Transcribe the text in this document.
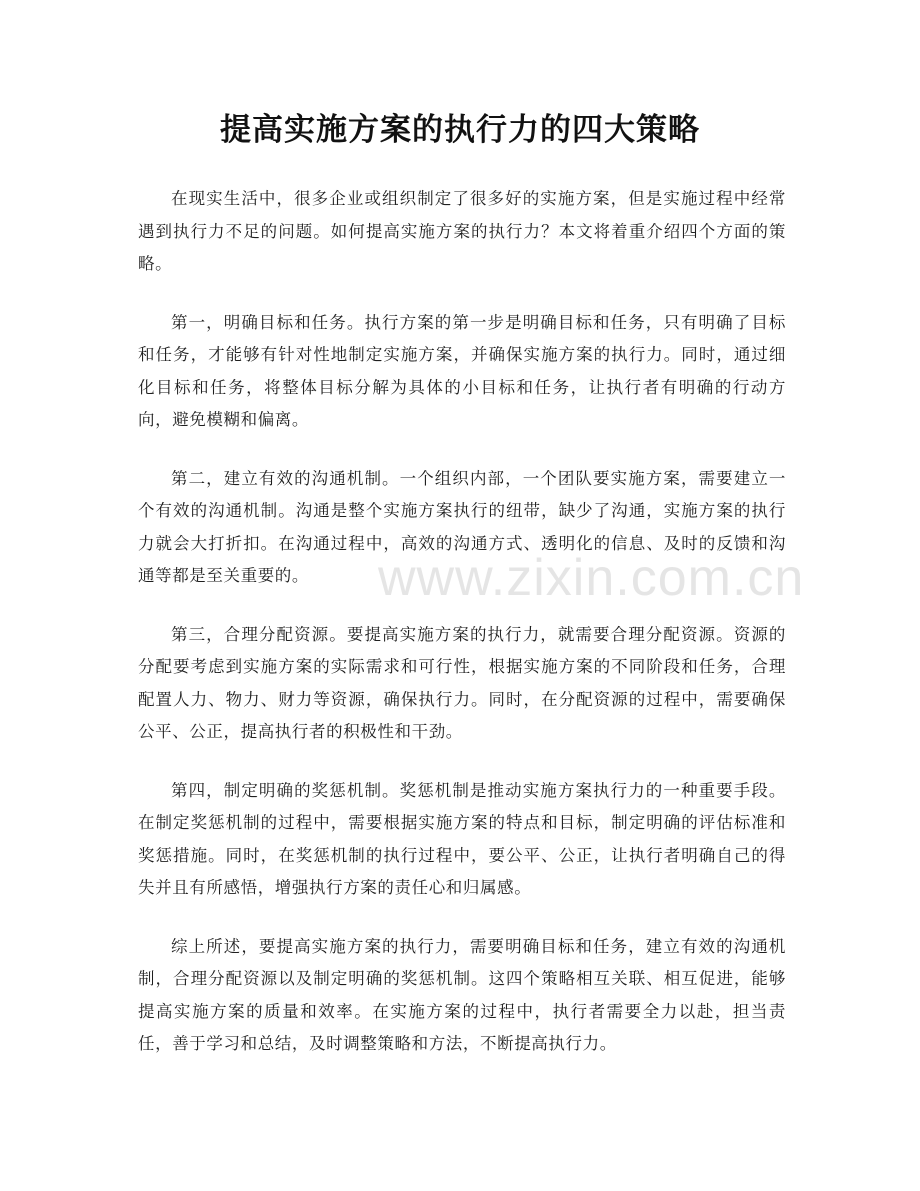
提高实施方案的执行力的四大策略

在现实生活中，很多企业或组织制定了很多好的实施方案，但是实施过程中经常遇到执行力不足的问题。如何提高实施方案的执行力？本文将着重介绍四个方面的策略。

第一，明确目标和任务。执行方案的第一步是明确目标和任务，只有明确了目标和任务，才能够有针对性地制定实施方案，并确保实施方案的执行力。同时，通过细化目标和任务，将整体目标分解为具体的小目标和任务，让执行者有明确的行动方向，避免模糊和偏离。

第二，建立有效的沟通机制。一个组织内部，一个团队要实施方案，需要建立一个有效的沟通机制。沟通是整个实施方案执行的纽带，缺少了沟通，实施方案的执行力就会大打折扣。在沟通过程中，高效的沟通方式、透明化的信息、及时的反馈和沟通等都是至关重要的。

第三，合理分配资源。要提高实施方案的执行力，就需要合理分配资源。资源的分配要考虑到实施方案的实际需求和可行性，根据实施方案的不同阶段和任务，合理配置人力、物力、财力等资源，确保执行力。同时，在分配资源的过程中，需要确保公平、公正，提高执行者的积极性和干劲。

第四，制定明确的奖惩机制。奖惩机制是推动实施方案执行力的一种重要手段。在制定奖惩机制的过程中，需要根据实施方案的特点和目标，制定明确的评估标准和奖惩措施。同时，在奖惩机制的执行过程中，要公平、公正，让执行者明确自己的得失并且有所感悟，增强执行方案的责任心和归属感。

综上所述，要提高实施方案的执行力，需要明确目标和任务，建立有效的沟通机制，合理分配资源以及制定明确的奖惩机制。这四个策略相互关联、相互促进，能够提高实施方案的质量和效率。在实施方案的过程中，执行者需要全力以赴，担当责任，善于学习和总结，及时调整策略和方法，不断提高执行力。

www.zixin.com.cn
